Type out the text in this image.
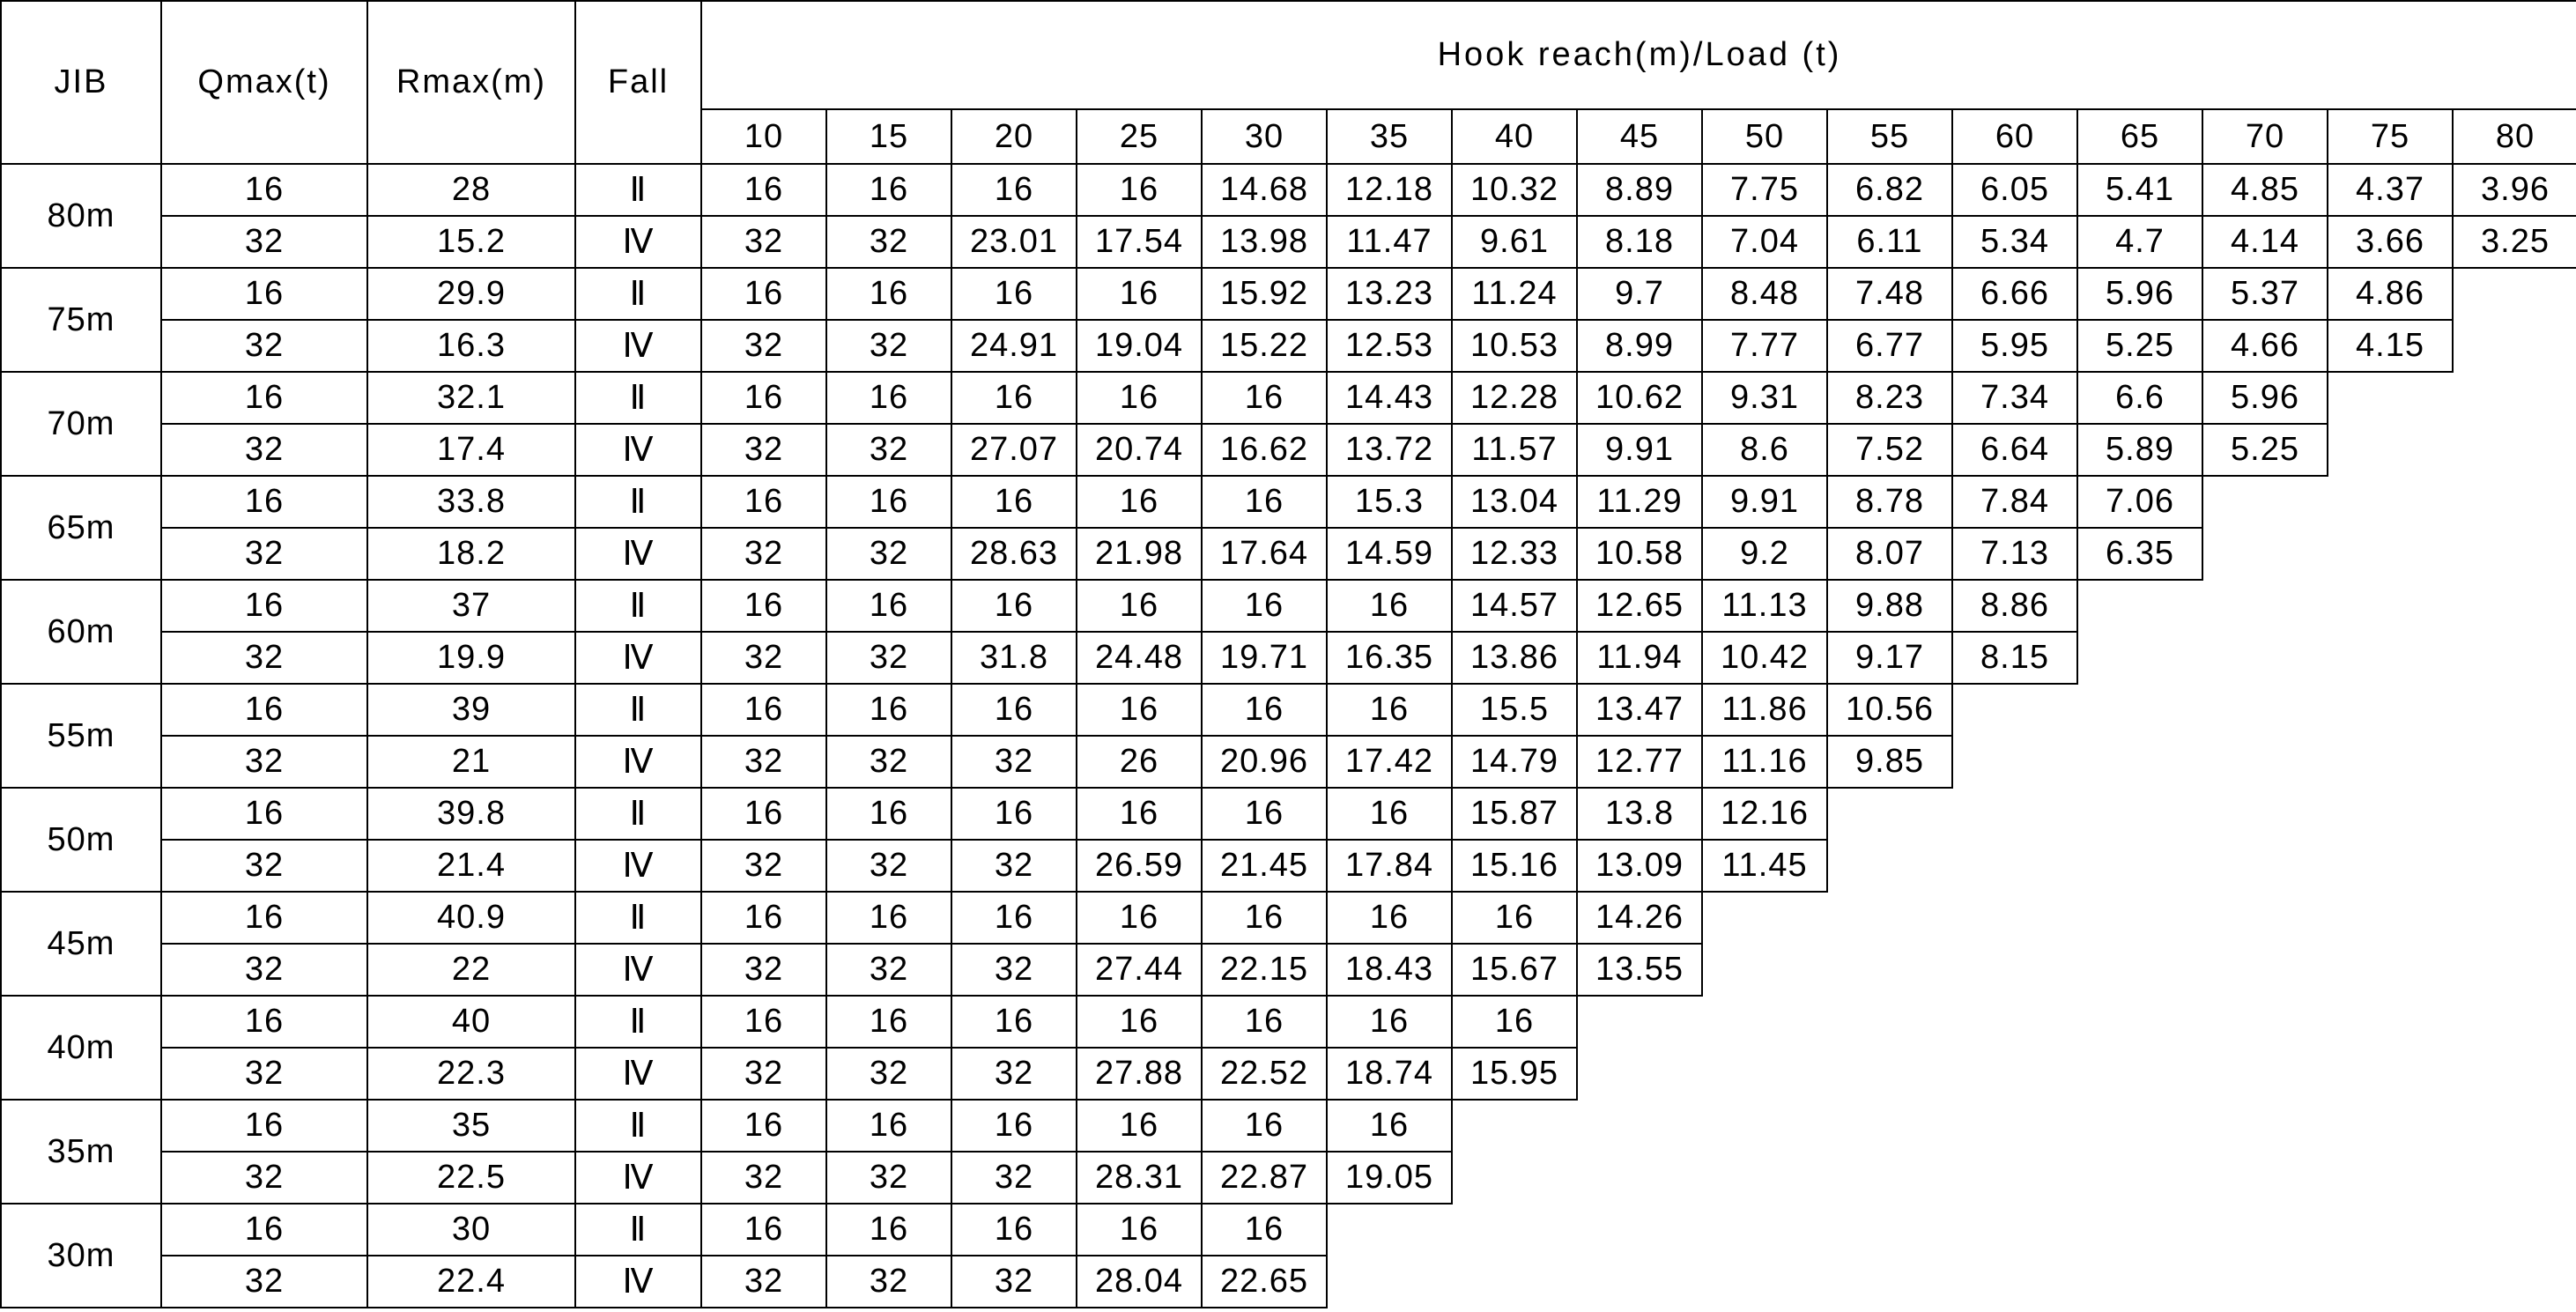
JIB	Qmax(t)	Rmax(m)	Fall	Hook reach(m)/Load (t)														
				10	15	20	25	30	35	40	45	50	55	60	65	70	75	80
80m	16	28	Ⅱ	16	16	16	16	14.68	12.18	10.32	8.89	7.75	6.82	6.05	5.41	4.85	4.37	3.96
	32	15.2	Ⅳ	32	32	23.01	17.54	13.98	11.47	9.61	8.18	7.04	6.11	5.34	4.7	4.14	3.66	3.25
75m	16	29.9	Ⅱ	16	16	16	16	15.92	13.23	11.24	9.7	8.48	7.48	6.66	5.96	5.37	4.86	
	32	16.3	Ⅳ	32	32	24.91	19.04	15.22	12.53	10.53	8.99	7.77	6.77	5.95	5.25	4.66	4.15	
70m	16	32.1	Ⅱ	16	16	16	16	16	14.43	12.28	10.62	9.31	8.23	7.34	6.6	5.96		
	32	17.4	Ⅳ	32	32	27.07	20.74	16.62	13.72	11.57	9.91	8.6	7.52	6.64	5.89	5.25		
65m	16	33.8	Ⅱ	16	16	16	16	16	15.3	13.04	11.29	9.91	8.78	7.84	7.06			
	32	18.2	Ⅳ	32	32	28.63	21.98	17.64	14.59	12.33	10.58	9.2	8.07	7.13	6.35			
60m	16	37	Ⅱ	16	16	16	16	16	16	14.57	12.65	11.13	9.88	8.86				
	32	19.9	Ⅳ	32	32	31.8	24.48	19.71	16.35	13.86	11.94	10.42	9.17	8.15				
55m	16	39	Ⅱ	16	16	16	16	16	16	15.5	13.47	11.86	10.56					
	32	21	Ⅳ	32	32	32	26	20.96	17.42	14.79	12.77	11.16	9.85					
50m	16	39.8	Ⅱ	16	16	16	16	16	16	15.87	13.8	12.16						
	32	21.4	Ⅳ	32	32	32	26.59	21.45	17.84	15.16	13.09	11.45						
45m	16	40.9	Ⅱ	16	16	16	16	16	16	16	14.26							
	32	22	Ⅳ	32	32	32	27.44	22.15	18.43	15.67	13.55							
40m	16	40	Ⅱ	16	16	16	16	16	16	16								
	32	22.3	Ⅳ	32	32	32	27.88	22.52	18.74	15.95								
35m	16	35	Ⅱ	16	16	16	16	16	16									
	32	22.5	Ⅳ	32	32	32	28.31	22.87	19.05									
30m	16	30	Ⅱ	16	16	16	16	16										
	32	22.4	Ⅳ	32	32	32	28.04	22.65										
